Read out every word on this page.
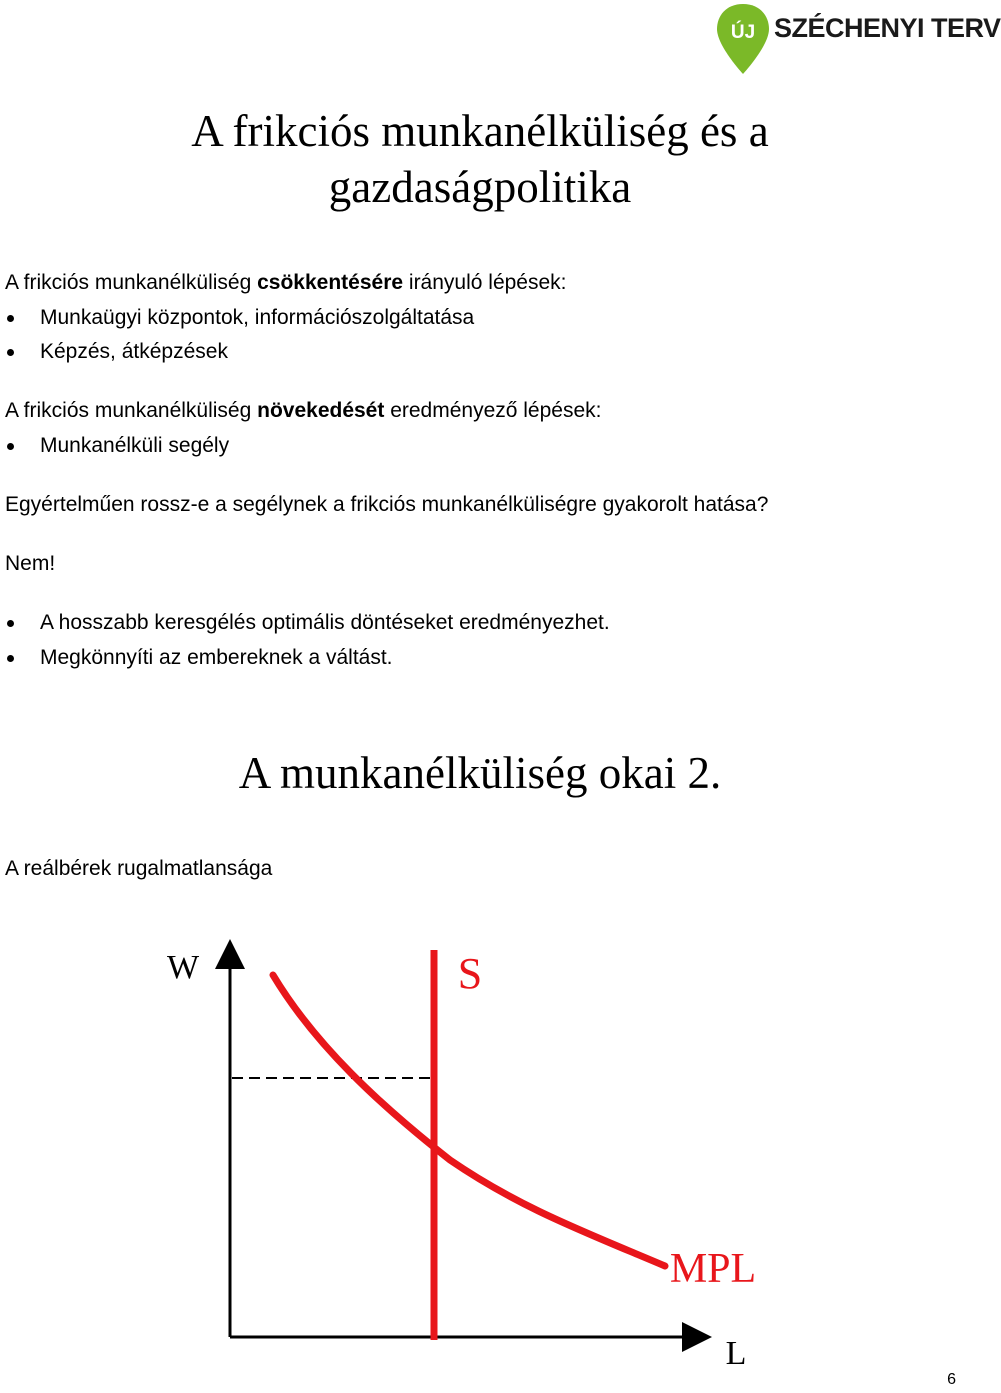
ÚJ SZÉCHENYI TERV
A frikciós munkanélküliség és a
gazdaságpolitika
A frikciós munkanélküliség csökkentésére irányuló lépések:
Munkaügyi központok, információszolgáltatása
Képzés, átképzések
A frikciós munkanélküliség növekedését eredményező lépések:
Munkanélküli segély
Egyértelműen rossz-e a segélynek a frikciós munkanélküliségre gyakorolt hatása?
Nem!
A hosszabb keresgélés optimális döntéseket eredményezhet.
Megkönnyíti az embereknek a váltást.
A munkanélküliség okai 2.
A reálbérek rugalmatlansága
W
L
S
MPL
6
